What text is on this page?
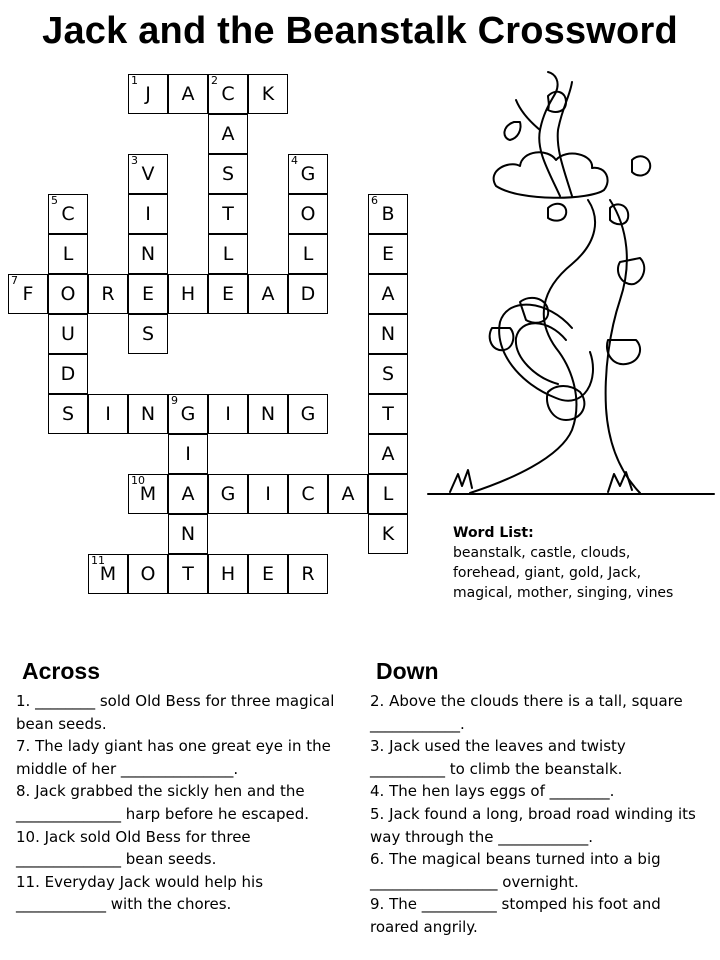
Jack and the Beanstalk Crossword
1
J A
2
C K
A
S
T
L
E
3
V
I
N
E
S
4
G
O
L
D
5
C
L
O
U
D
S
6
B
E
A
N
S
T
A
L
K
7
F	R	H	A
I N
9
G I N G
I
N
10
M A G I C A
11
M O T H E R
Word List:
beanstalk, castle, clouds,
forehead, giant, gold, Jack,
magical, mother, singing, vines
Across	Down

1. ________ sold Old Bess for three magical

bean seeds.

7. The lady giant has one great eye in the

middle of her _______________.

8. Jack grabbed the sickly hen and the

______________ harp before he escaped.

10. Jack sold Old Bess for three

______________ bean seeds.

11. Everyday Jack would help his

____________ with the chores.

2. Above the clouds there is a tall, square

____________.

3. Jack used the leaves and twisty

__________ to climb the beanstalk.

4. The hen lays eggs of ________.

5. Jack found a long, broad road winding its

way through the ____________.

6. The magical beans turned into a big

_________________ overnight.

9. The __________ stomped his foot and

roared angrily.
